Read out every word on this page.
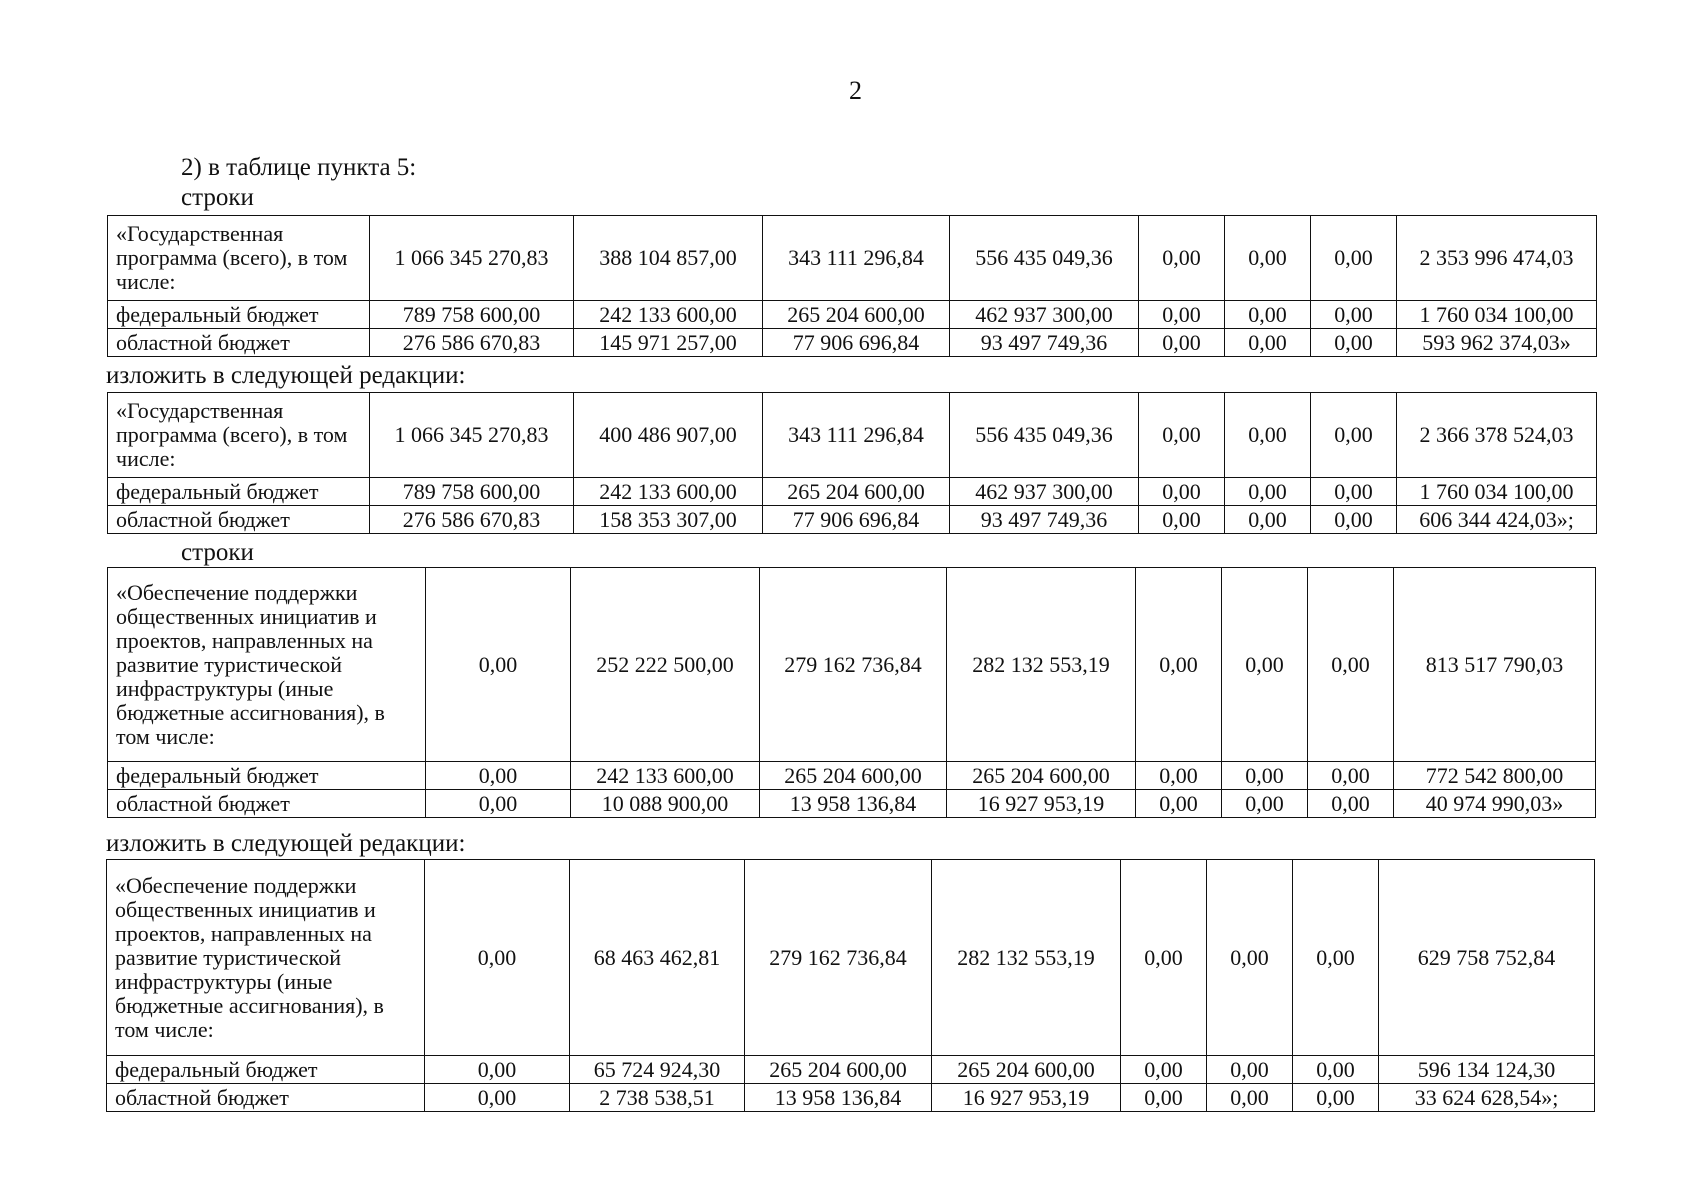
2
2) в таблице пункта 5:
строки
«Государственная программа (всего), в том числе:	1 066 345 270,83	388 104 857,00	343 111 296,84	556 435 049,36	0,00	0,00	0,00	2 353 996 474,03
федеральный бюджет	789 758 600,00	242 133 600,00	265 204 600,00	462 937 300,00	0,00	0,00	0,00	1 760 034 100,00
областной бюджет	276 586 670,83	145 971 257,00	77 906 696,84	93 497 749,36	0,00	0,00	0,00	593 962 374,03»
изложить в следующей редакции:
«Государственная программа (всего), в том числе:	1 066 345 270,83	400 486 907,00	343 111 296,84	556 435 049,36	0,00	0,00	0,00	2 366 378 524,03
федеральный бюджет	789 758 600,00	242 133 600,00	265 204 600,00	462 937 300,00	0,00	0,00	0,00	1 760 034 100,00
областной бюджет	276 586 670,83	158 353 307,00	77 906 696,84	93 497 749,36	0,00	0,00	0,00	606 344 424,03»;
строки
«Обеспечение поддержки общественных инициатив и проектов, направленных на развитие туристической инфраструктуры (иные бюджетные ассигнования), в том числе:	0,00	252 222 500,00	279 162 736,84	282 132 553,19	0,00	0,00	0,00	813 517 790,03
федеральный бюджет	0,00	242 133 600,00	265 204 600,00	265 204 600,00	0,00	0,00	0,00	772 542 800,00
областной бюджет	0,00	10 088 900,00	13 958 136,84	16 927 953,19	0,00	0,00	0,00	40 974 990,03»
изложить в следующей редакции:
«Обеспечение поддержки общественных инициатив и проектов, направленных на развитие туристической инфраструктуры (иные бюджетные ассигнования), в том числе:	0,00	68 463 462,81	279 162 736,84	282 132 553,19	0,00	0,00	0,00	629 758 752,84
федеральный бюджет	0,00	65 724 924,30	265 204 600,00	265 204 600,00	0,00	0,00	0,00	596 134 124,30
областной бюджет	0,00	2 738 538,51	13 958 136,84	16 927 953,19	0,00	0,00	0,00	33 624 628,54»;
